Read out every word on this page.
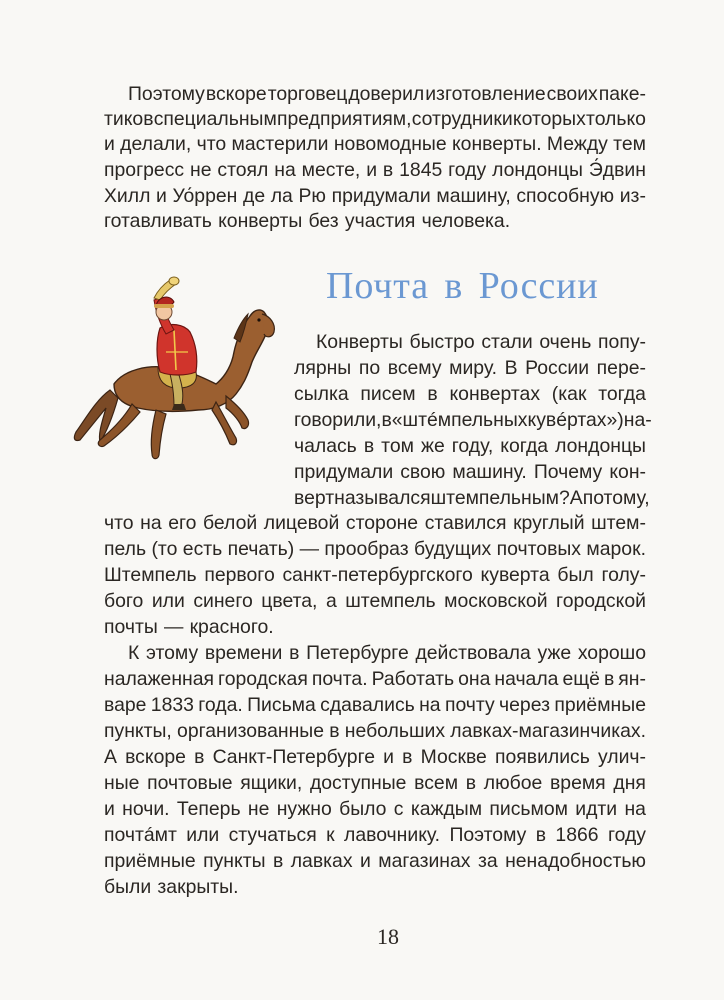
Почта в России
Поэтому вскоре торговец доверил изготовление своих паке-
тиков специальным предприятиям, сотрудники которых только
и делали, что мастерили новомодные конверты. Между тем
прогресс не стоял на месте, и в 1845 году лондонцы Э́двин
Хилл и Уо́ррен де ла Рю придумали машину, способную из-
готавливать конверты без участия человека.
Конверты быстро стали очень попу-
лярны по всему миру. В России пере-
сылка писем в конвертах (как тогда
говорили, в «штéмпельных кувéртах») на-
чалась в том же году, когда лондонцы
придумали свою машину. Почему кон-
верт назывался штемпельным? А потому,
что на его белой лицевой стороне ставился круглый штем-
пель (то есть печать) — прообраз будущих почтовых марок.
Штемпель первого санкт-петербургского куверта был голу-
бого или синего цвета, а штемпель московской городской
почты — красного.
К этому времени в Петербурге действовала уже хорошо
налаженная городская почта. Работать она начала ещё в ян-
варе 1833 года. Письма сдавались на почту через приёмные
пункты, организованные в небольших лавках-магазинчиках.
А вскоре в Санкт-Петербурге и в Москве появились улич-
ные почтовые ящики, доступные всем в любое время дня
и ночи. Теперь не нужно было с каждым письмом идти на
почтáмт или стучаться к лавочнику. Поэтому в 1866 году
приёмные пункты в лавках и магазинах за ненадобностью
были закрыты.
18
